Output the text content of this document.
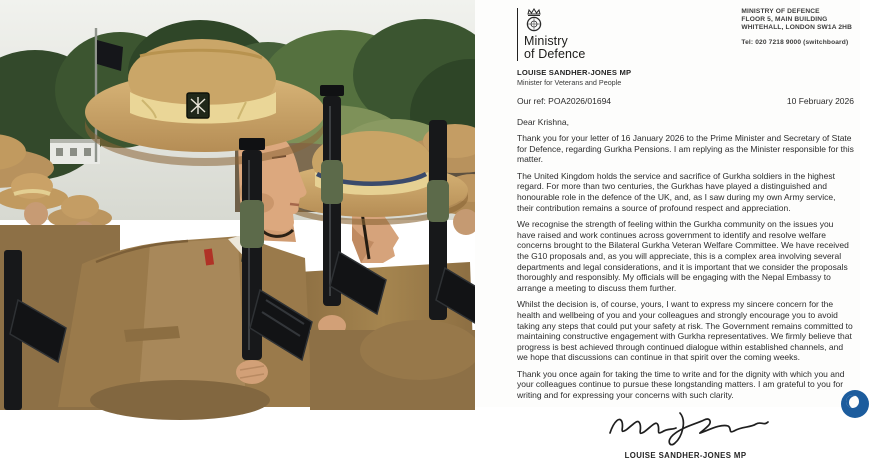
Ministry
of Defence
MINISTRY OF DEFENCE
FLOOR 5, MAIN BUILDING
WHITEHALL, LONDON SW1A 2HB
Tel: 020 7218 9000 (switchboard)
LOUISE SANDHER-JONES MP
Minister for Veterans and People
Our ref: POA2026/01694	10 February 2026
Dear Krishna,

Thank you for your letter of 16 January 2026 to the Prime Minister and Secretary of State for Defence, regarding Gurkha Pensions. I am replying as the Minister responsible for this matter.

The United Kingdom holds the service and sacrifice of Gurkha soldiers in the highest regard. For more than two centuries, the Gurkhas have played a distinguished and honourable role in the defence of the UK, and, as I saw during my own Army service, their contribution remains a source of profound respect and appreciation.

We recognise the strength of feeling within the Gurkha community on the issues you have raised and work continues across government to identify and resolve welfare concerns brought to the Bilateral Gurkha Veteran Welfare Committee. We have received the G10 proposals and, as you will appreciate, this is a complex area involving several departments and legal considerations, and it is important that we consider the proposals thoroughly and responsibly. My officials will be engaging with the Nepal Embassy to arrange a meeting to discuss them further.

Whilst the decision is, of course, yours, I want to express my sincere concern for the health and wellbeing of you and your colleagues and strongly encourage you to avoid taking any steps that could put your safety at risk. The Government remains committed to maintaining constructive engagement with Gurkha representatives. We firmly believe that progress is best achieved through continued dialogue within established channels, and we hope that discussions can continue in that spirit over the coming weeks.

Thank you once again for taking the time to write and for the dignity with which you and your colleagues continue to pursue these longstanding matters. I am grateful to you for writing and for expressing your concerns with such clarity.

LOUISE SANDHER-JONES MP
